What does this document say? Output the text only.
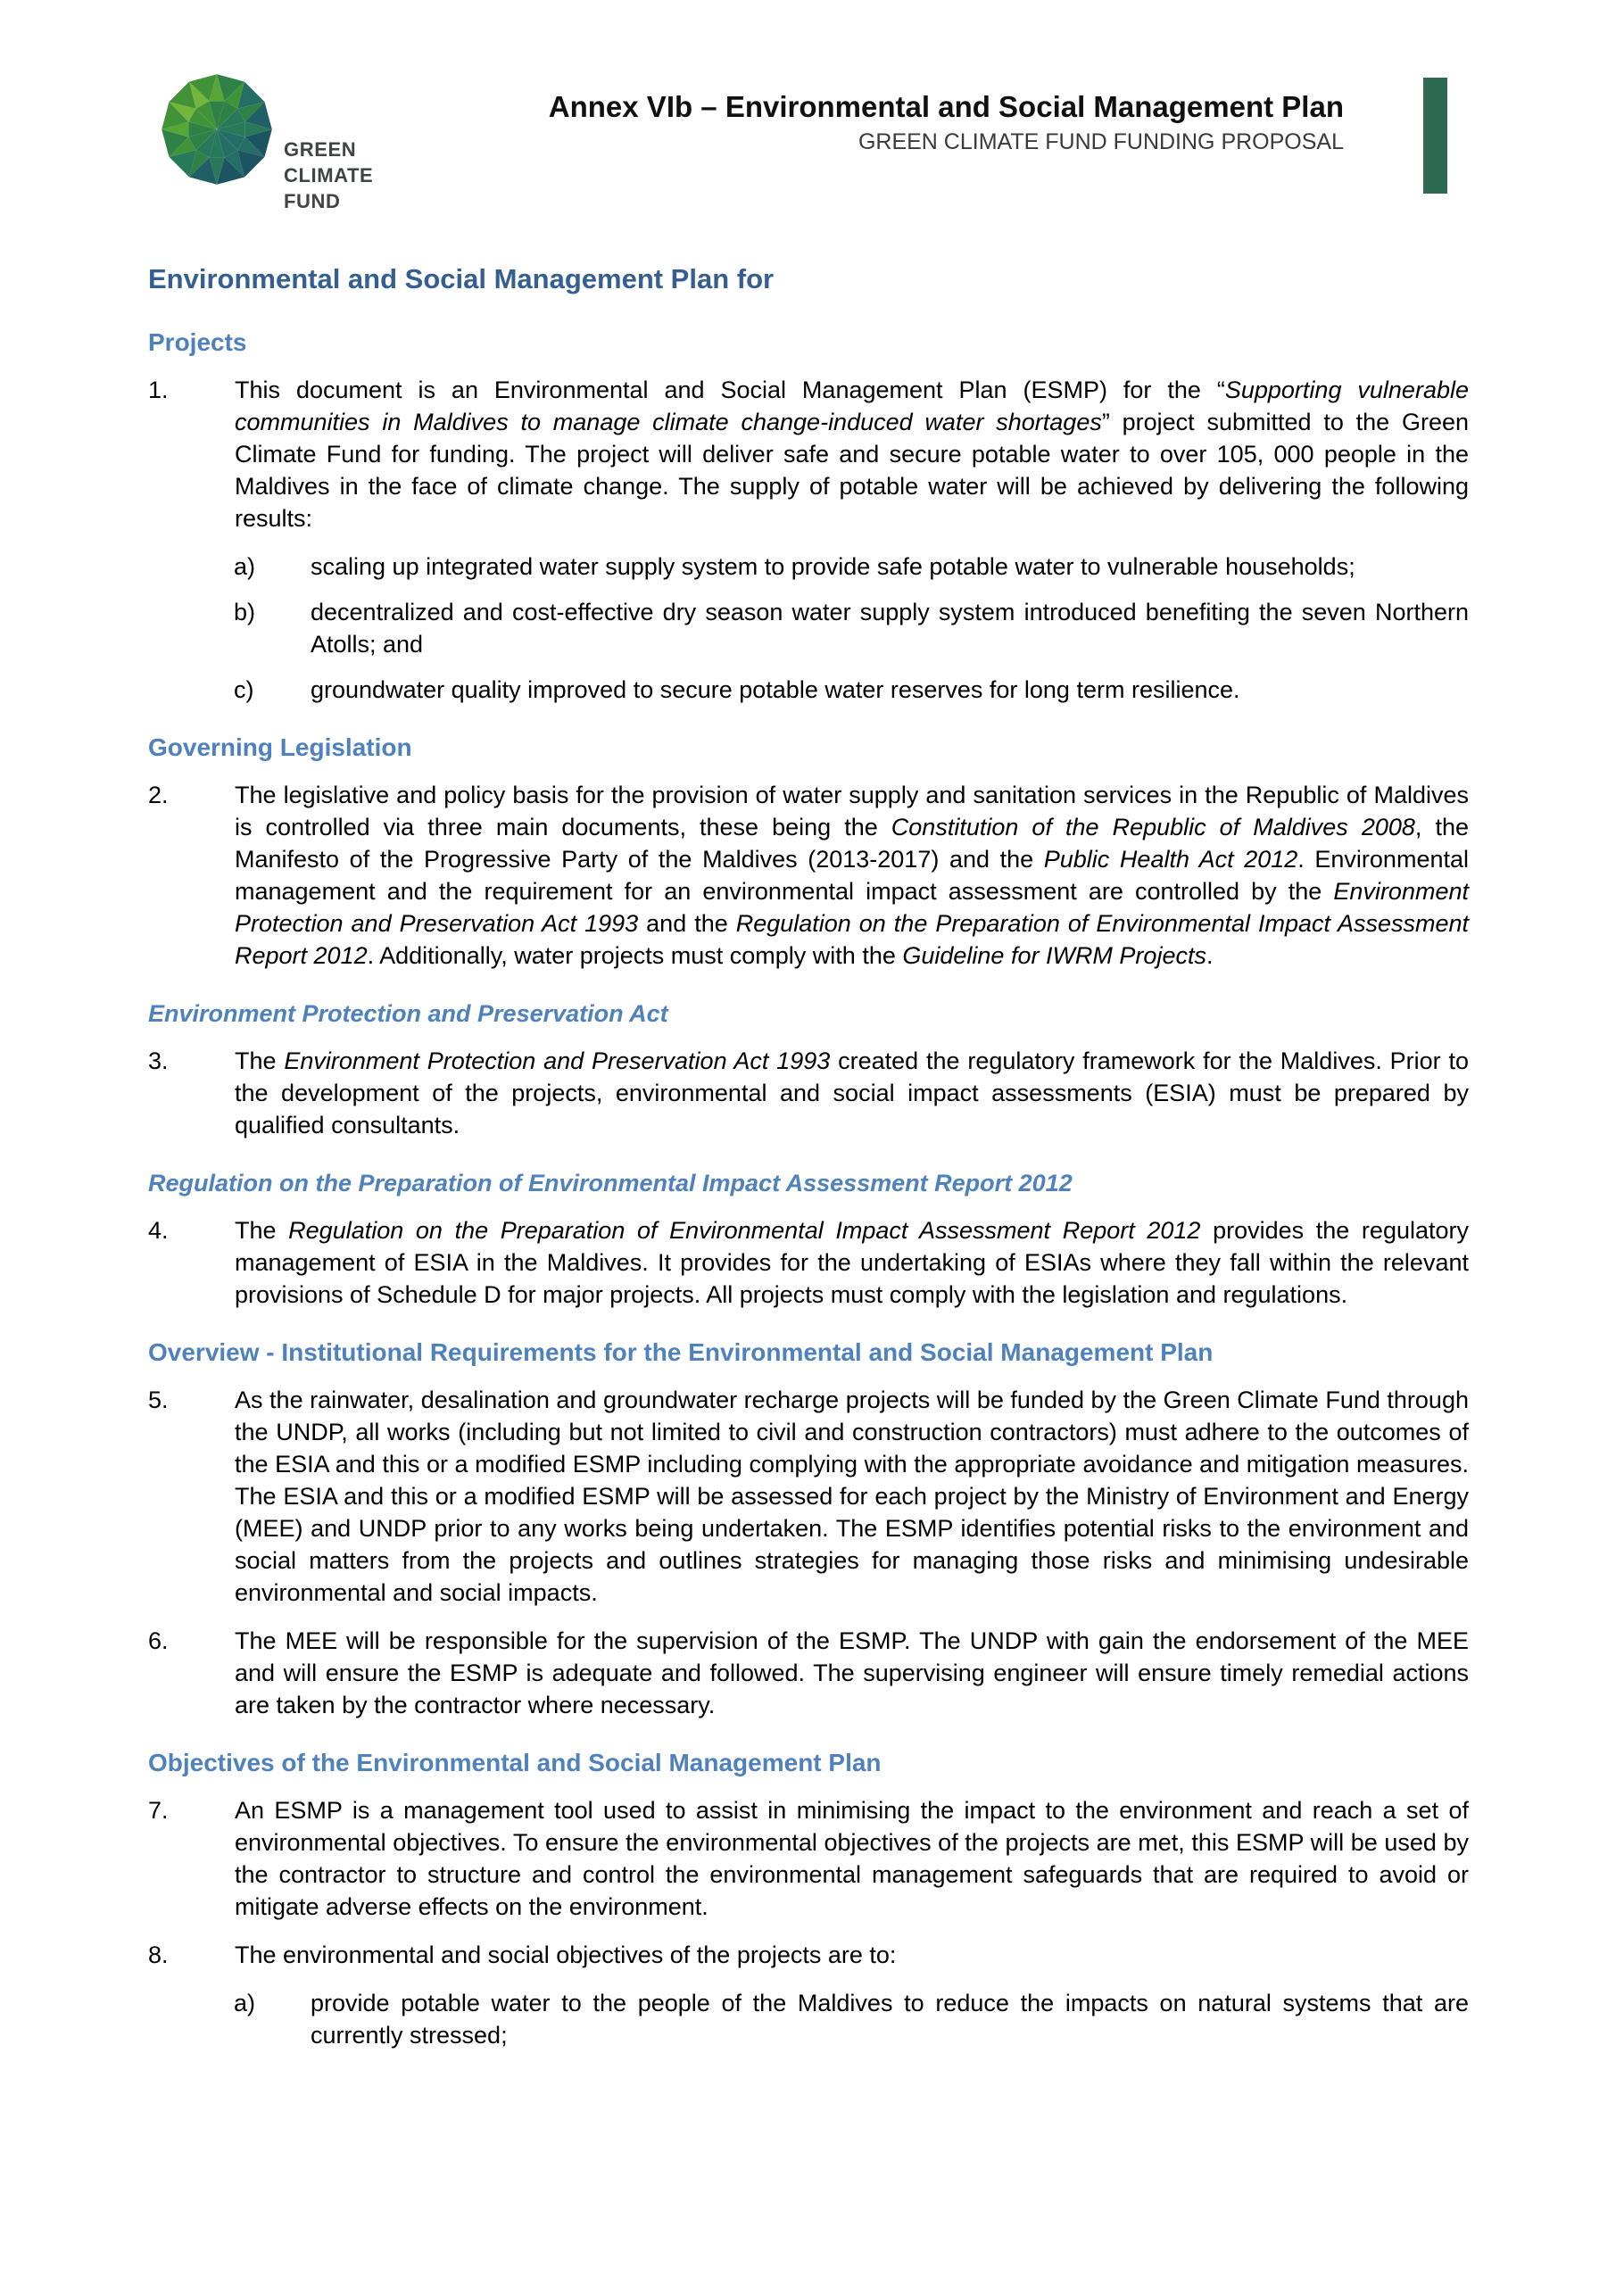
GREEN
CLIMATE
FUND
Annex VIb – Environmental and Social Management Plan
GREEN CLIMATE FUND FUNDING PROPOSAL
Environmental and Social Management Plan for
Projects
1.	This document is an Environmental and Social Management Plan (ESMP) for the “Supporting vulnerable communities in Maldives to manage climate change-induced water shortages” project submitted to the Green Climate Fund for funding. The project will deliver safe and secure potable water to over 105, 000 people in the Maldives in the face of climate change. The supply of potable water will be achieved by delivering the following results:

a)	scaling up integrated water supply system to provide safe potable water to vulnerable households;

b)	decentralized and cost-effective dry season water supply system introduced benefiting the seven Northern Atolls; and

c)	groundwater quality improved to secure potable water reserves for long term resilience.

Governing Legislation
2.	The legislative and policy basis for the provision of water supply and sanitation services in the Republic of Maldives is controlled via three main documents, these being the Constitution of the Republic of Maldives 2008, the Manifesto of the Progressive Party of the Maldives (2013-2017) and the Public Health Act 2012. Environmental management and the requirement for an environmental impact assessment are controlled by the Environment Protection and Preservation Act 1993 and the Regulation on the Preparation of Environmental Impact Assessment Report 2012. Additionally, water projects must comply with the Guideline for IWRM Projects.

Environment Protection and Preservation Act
3.	The Environment Protection and Preservation Act 1993 created the regulatory framework for the Maldives. Prior to the development of the projects, environmental and social impact assessments (ESIA) must be prepared by qualified consultants.

Regulation on the Preparation of Environmental Impact Assessment Report 2012
4.	The Regulation on the Preparation of Environmental Impact Assessment Report 2012 provides the regulatory management of ESIA in the Maldives. It provides for the undertaking of ESIAs where they fall within the relevant provisions of Schedule D for major projects. All projects must comply with the legislation and regulations.

Overview - Institutional Requirements for the Environmental and Social Management Plan
5.	As the rainwater, desalination and groundwater recharge projects will be funded by the Green Climate Fund through the UNDP, all works (including but not limited to civil and construction contractors) must adhere to the outcomes of the ESIA and this or a modified ESMP including complying with the appropriate avoidance and mitigation measures. The ESIA and this or a modified ESMP will be assessed for each project by the Ministry of Environment and Energy (MEE) and UNDP prior to any works being undertaken. The ESMP identifies potential risks to the environment and social matters from the projects and outlines strategies for managing those risks and minimising undesirable environmental and social impacts.

6.	The MEE will be responsible for the supervision of the ESMP. The UNDP with gain the endorsement of the MEE and will ensure the ESMP is adequate and followed. The supervising engineer will ensure timely remedial actions are taken by the contractor where necessary.

Objectives of the Environmental and Social Management Plan
7.	An ESMP is a management tool used to assist in minimising the impact to the environment and reach a set of environmental objectives. To ensure the environmental objectives of the projects are met, this ESMP will be used by the contractor to structure and control the environmental management safeguards that are required to avoid or mitigate adverse effects on the environment.

8.	The environmental and social objectives of the projects are to:

a)	provide potable water to the people of the Maldives to reduce the impacts on natural systems that are currently stressed;
